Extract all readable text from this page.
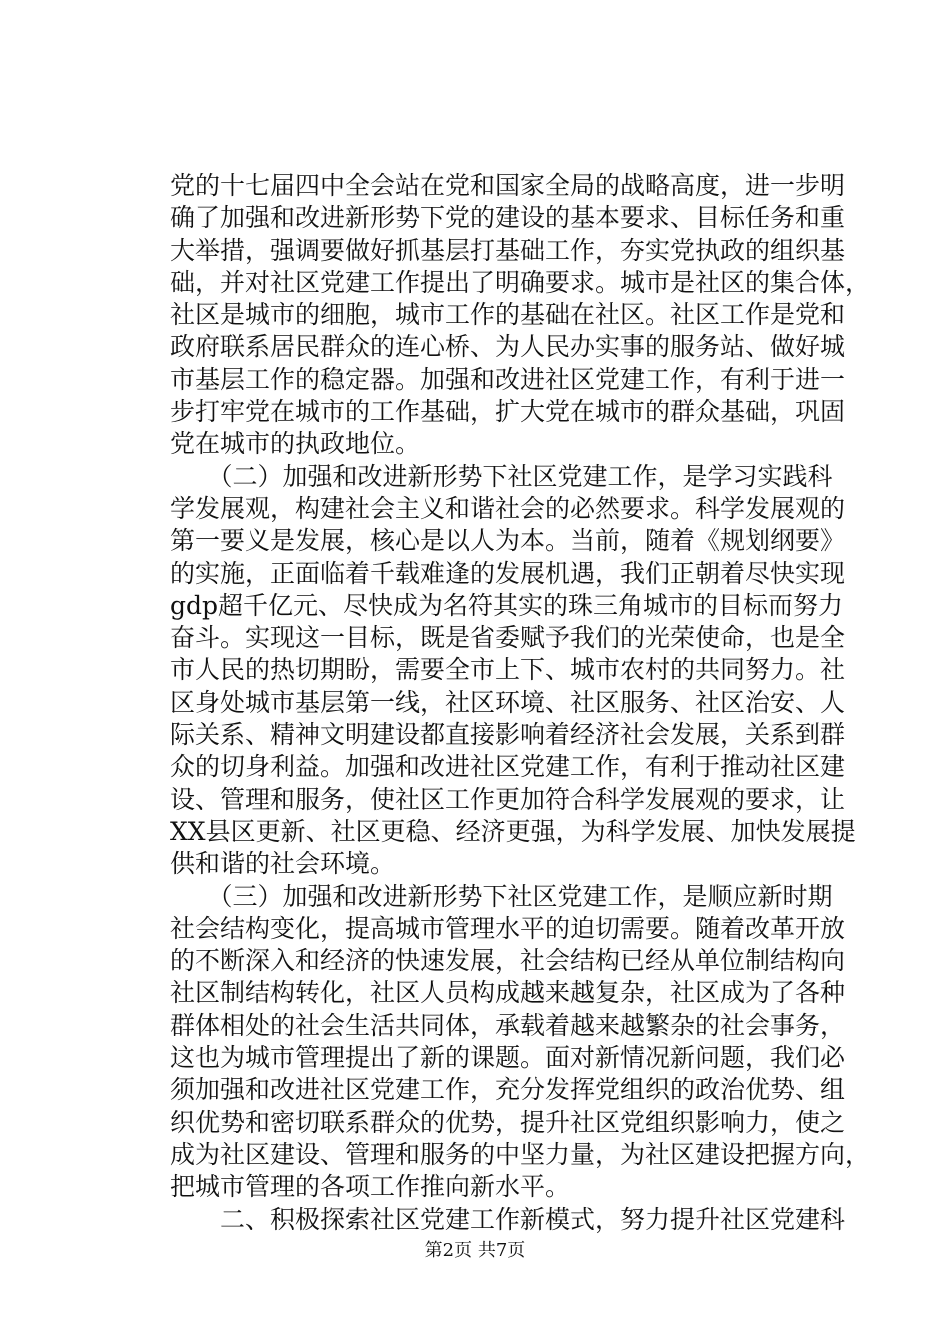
党的十七届四中全会站在党和国家全局的战略高度，进一步明
确了加强和改进新形势下党的建设的基本要求、目标任务和重
大举措，强调要做好抓基层打基础工作，夯实党执政的组织基
础，并对社区党建工作提出了明确要求。城市是社区的集合体，
社区是城市的细胞，城市工作的基础在社区。社区工作是党和
政府联系居民群众的连心桥、为人民办实事的服务站、做好城
市基层工作的稳定器。加强和改进社区党建工作，有利于进一
步打牢党在城市的工作基础，扩大党在城市的群众基础，巩固
党在城市的执政地位。
　　（二）加强和改进新形势下社区党建工作，是学习实践科
学发展观，构建社会主义和谐社会的必然要求。科学发展观的
第一要义是发展，核心是以人为本。当前，随着《规划纲要》
的实施，正面临着千载难逢的发展机遇，我们正朝着尽快实现
gdp超千亿元、尽快成为名符其实的珠三角城市的目标而努力
奋斗。实现这一目标，既是省委赋予我们的光荣使命，也是全
市人民的热切期盼，需要全市上下、城市农村的共同努力。社
区身处城市基层第一线，社区环境、社区服务、社区治安、人
际关系、精神文明建设都直接影响着经济社会发展，关系到群
众的切身利益。加强和改进社区党建工作，有利于推动社区建
设、管理和服务，使社区工作更加符合科学发展观的要求，让
XX县区更新、社区更稳、经济更强，为科学发展、加快发展提
供和谐的社会环境。
　　（三）加强和改进新形势下社区党建工作，是顺应新时期
社会结构变化，提高城市管理水平的迫切需要。随着改革开放
的不断深入和经济的快速发展，社会结构已经从单位制结构向
社区制结构转化，社区人员构成越来越复杂，社区成为了各种
群体相处的社会生活共同体，承载着越来越繁杂的社会事务，
这也为城市管理提出了新的课题。面对新情况新问题，我们必
须加强和改进社区党建工作，充分发挥党组织的政治优势、组
织优势和密切联系群众的优势，提升社区党组织影响力，使之
成为社区建设、管理和服务的中坚力量，为社区建设把握方向，
把城市管理的各项工作推向新水平。
　　二、积极探索社区党建工作新模式，努力提升社区党建科
第2页 共7页
